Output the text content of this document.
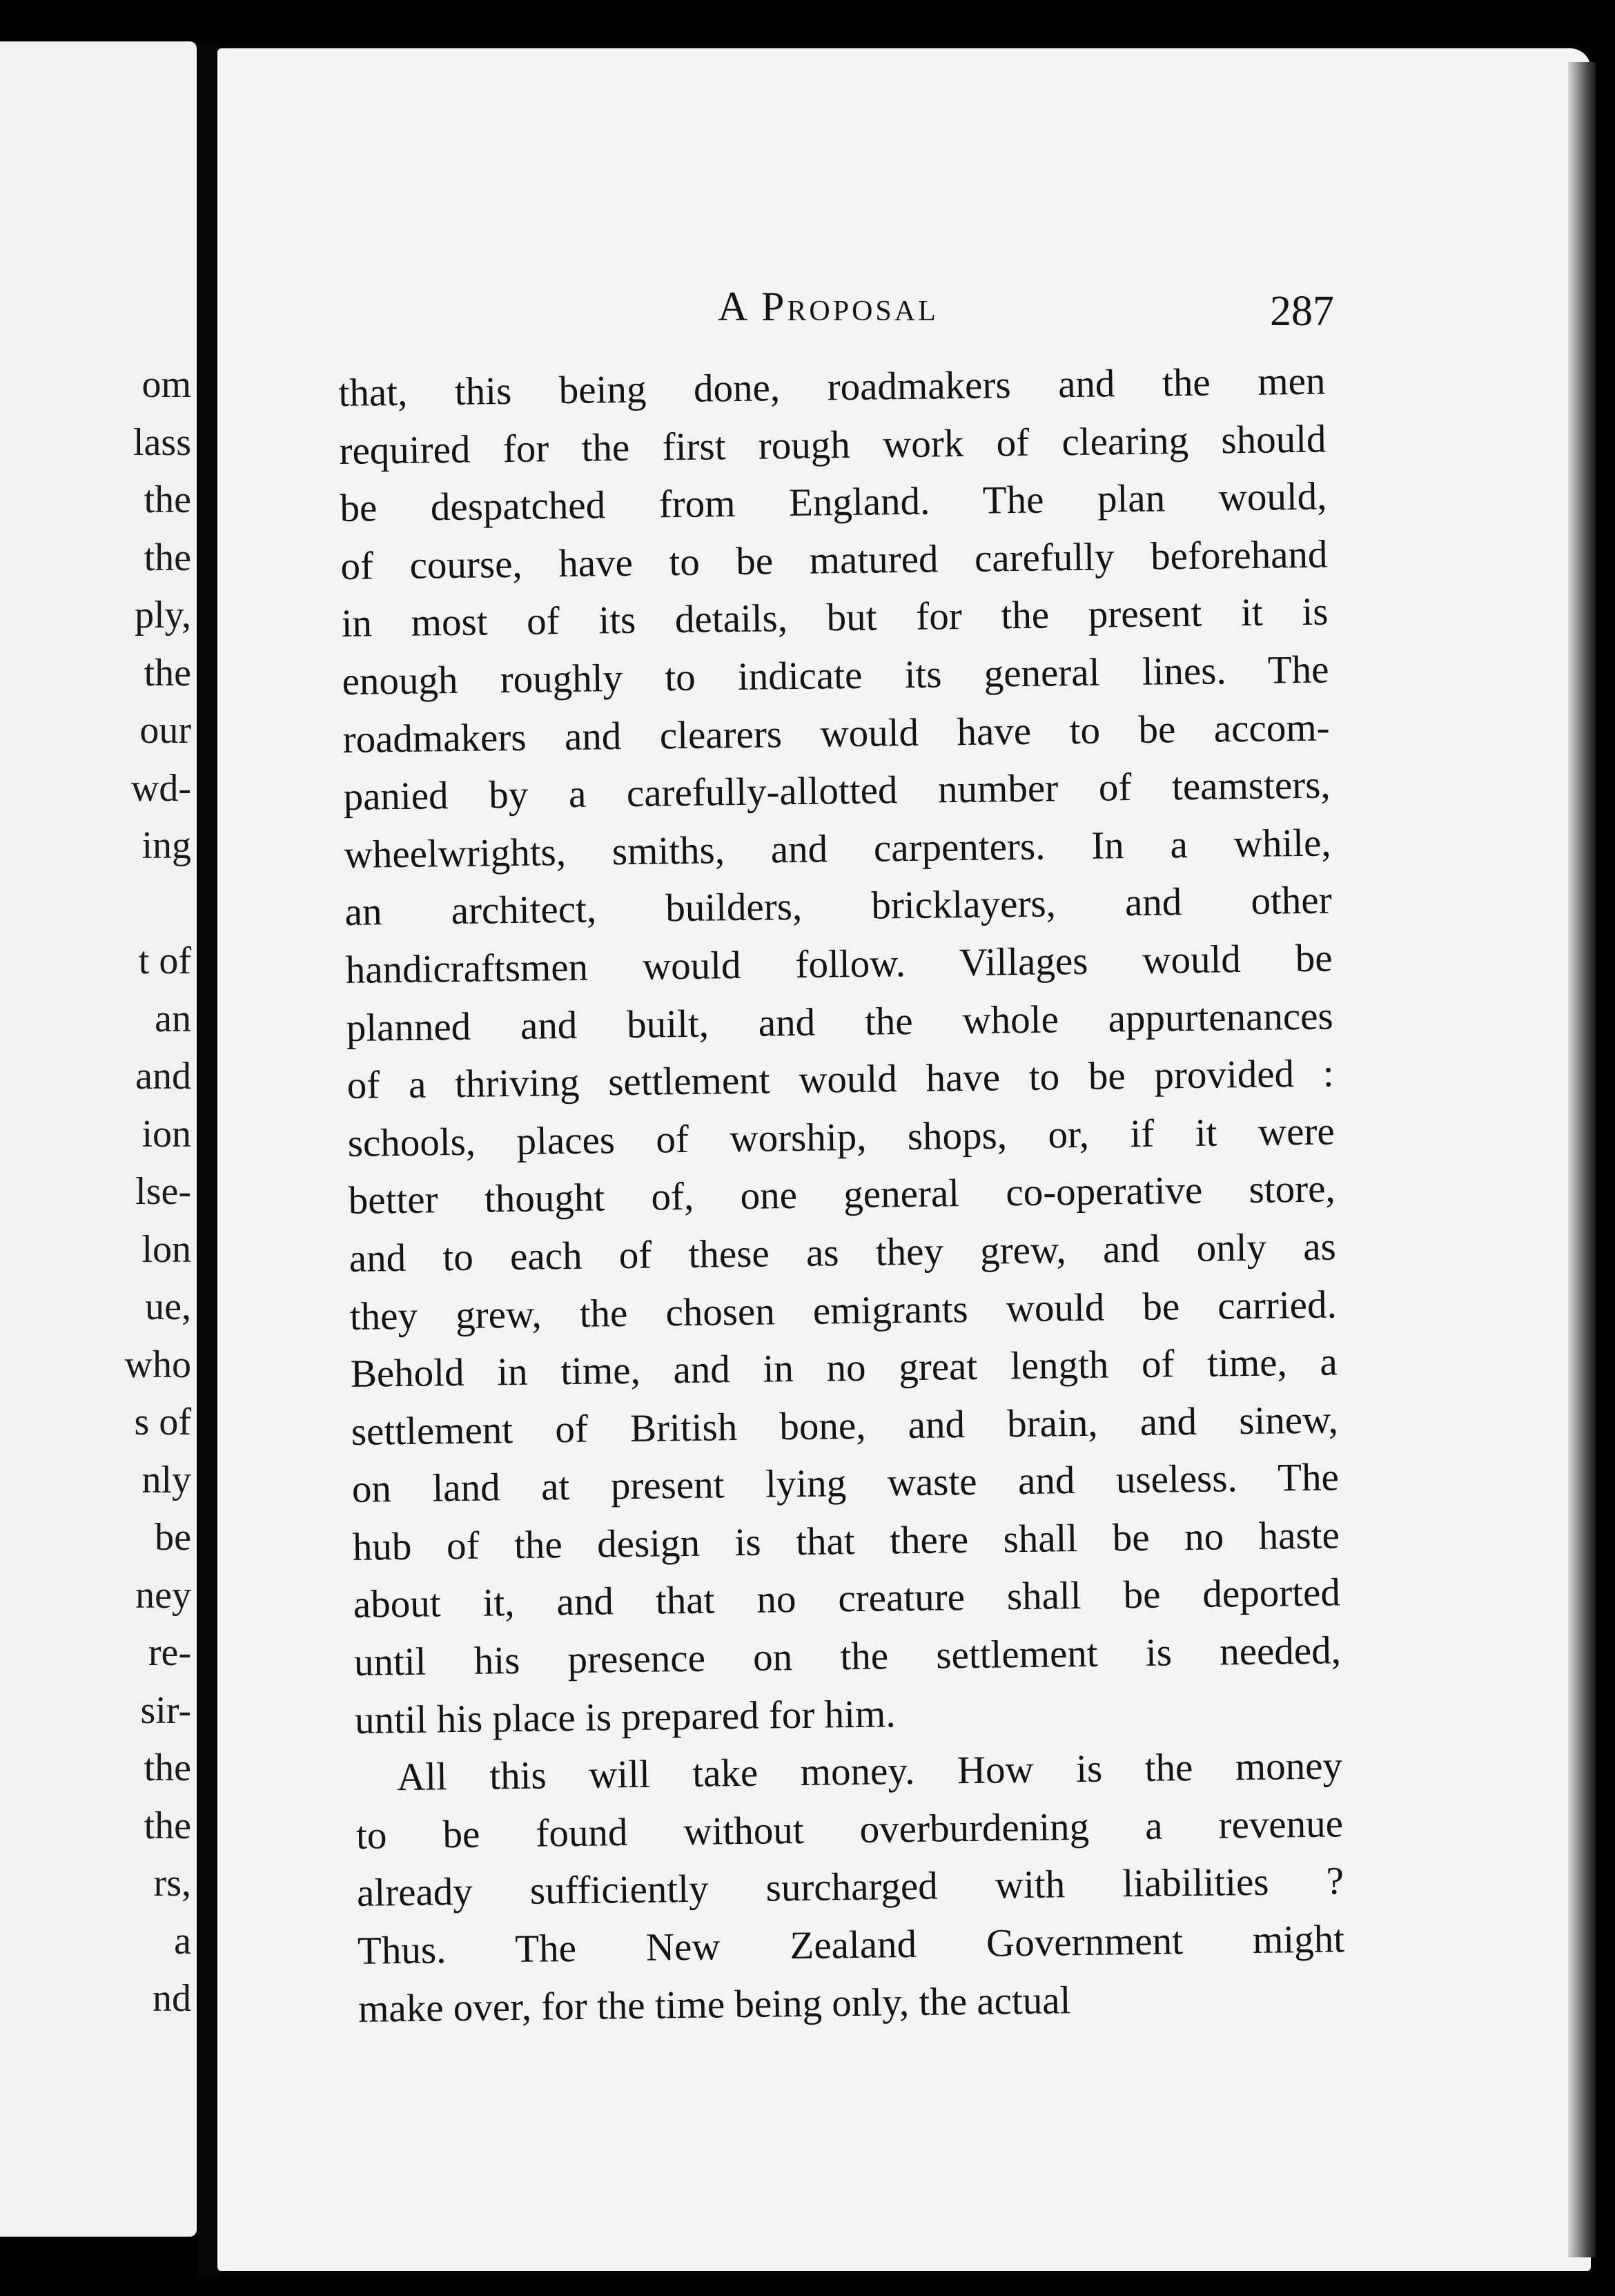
om
lass
the
the
ply,
the
our
wd-
ing
t of
an
and
ion
lse-
lon
ue,
who
s of
nly
be
ney
re-
sir-
the
the
rs,
a
nd
A Proposal	287
that, this being done, roadmakers and the men
required for the first rough work of clearing should
be despatched from England. The plan would,
of course, have to be matured carefully beforehand
in most of its details, but for the present it is
enough roughly to indicate its general lines. The
roadmakers and clearers would have to be accom-
panied by a carefully-allotted number of teamsters,
wheelwrights, smiths, and carpenters. In a while,
an architect, builders, bricklayers, and other
handicraftsmen would follow. Villages would be
planned and built, and the whole appurtenances
of a thriving settlement would have to be provided :
schools, places of worship, shops, or, if it were
better thought of, one general co-operative store,
and to each of these as they grew, and only as
they grew, the chosen emigrants would be carried.
Behold in time, and in no great length of time, a
settlement of British bone, and brain, and sinew,
on land at present lying waste and useless. The
hub of the design is that there shall be no haste
about it, and that no creature shall be deported
until his presence on the settlement is needed,
until his place is prepared for him.
All this will take money. How is the money
to be found without overburdening a revenue
already sufficiently surcharged with liabilities ?
Thus. The New Zealand Government might
make over, for the time being only, the actual
